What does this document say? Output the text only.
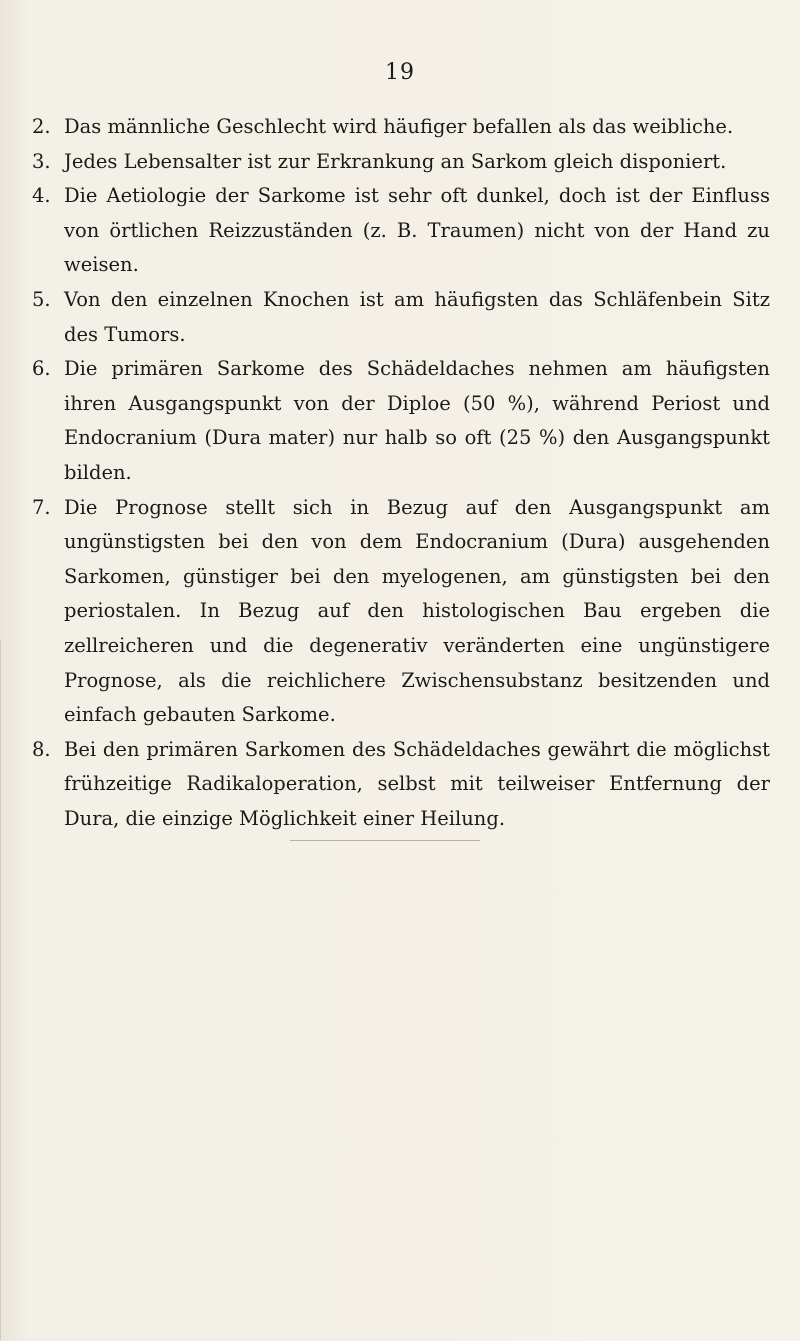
19
2. Das männliche Geschlecht wird häufiger befallen als das weibliche.
3. Jedes Lebensalter ist zur Erkrankung an Sarkom gleich disponiert.
4. Die Aetiologie der Sarkome ist sehr oft dunkel, doch ist der Einfluss von örtlichen Reizzuständen (z. B. Traumen) nicht von der Hand zu weisen.
5. Von den einzelnen Knochen ist am häufigsten das Schläfenbein Sitz des Tumors.
6. Die primären Sarkome des Schädeldaches nehmen am häufigsten ihren Ausgangspunkt von der Diploe (50 %), während Periost und Endocranium (Dura mater) nur halb so oft (25 %) den Ausgangspunkt bilden.
7. Die Prognose stellt sich in Bezug auf den Ausgangspunkt am ungünstigsten bei den von dem Endocranium (Dura) ausgehenden Sarkomen, günstiger bei den myelogenen, am günstigsten bei den periostalen. In Bezug auf den histologischen Bau ergeben die zellreicheren und die degenerativ veränderten eine ungünstigere Prognose, als die reichlichere Zwischensubstanz besitzenden und einfach gebauten Sarkome.
8. Bei den primären Sarkomen des Schädeldaches gewährt die möglichst frühzeitige Radikaloperation, selbst mit teilweiser Entfernung der Dura, die einzige Möglichkeit einer Heilung.
